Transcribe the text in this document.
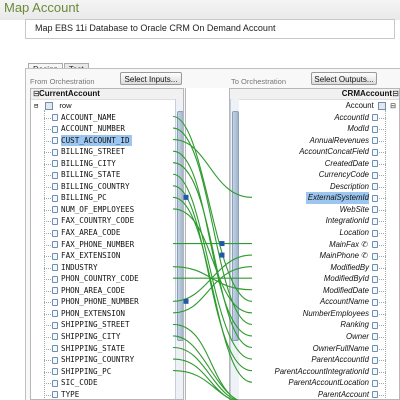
Map Account
Map EBS 11i Database to Oracle CRM On Demand Account
From Orchestration	Select Inputs...	To Orchestration	Select Outputs...
⊟ CurrentAccount
⊟	row
ACCOUNT_NAME
ACCOUNT_NUMBER
CUST_ACCOUNT_ID
BILLING_STREET
BILLING_CITY
BILLING_STATE
BILLING_COUNTRY
BILLING_PC
NUM_OF_EMPLOYEES
FAX_COUNTRY_CODE
FAX_AREA_CODE
FAX_PHONE_NUMBER
FAX_EXTENSION
INDUSTRY
PHON_COUNTRY_CODE
PHON_AREA_CODE
PHON_PHONE_NUMBER
PHON_EXTENSION
SHIPPING_STREET
SHIPPING_CITY
SHIPPING_STATE
SHIPPING_COUNTRY
SHIPPING_PC
SIC_CODE
TYPE
CRMAccount ⊟
Account ⊟
AccountId
ModId
AnnualRevenues
AccountConcatField
CreatedDate
CurrencyCode
Description
ExternalSystemId
WebSite
IntegrationId
Location
MainFax ✆
MainPhone ✆
ModifiedBy
ModifiedById
ModifiedDate
AccountName
NumberEmployees
Ranking
Owner
OwnerFullName
ParentAccountId
ParentAccountIntegrationId
ParentAccountLocation
ParentAccount
